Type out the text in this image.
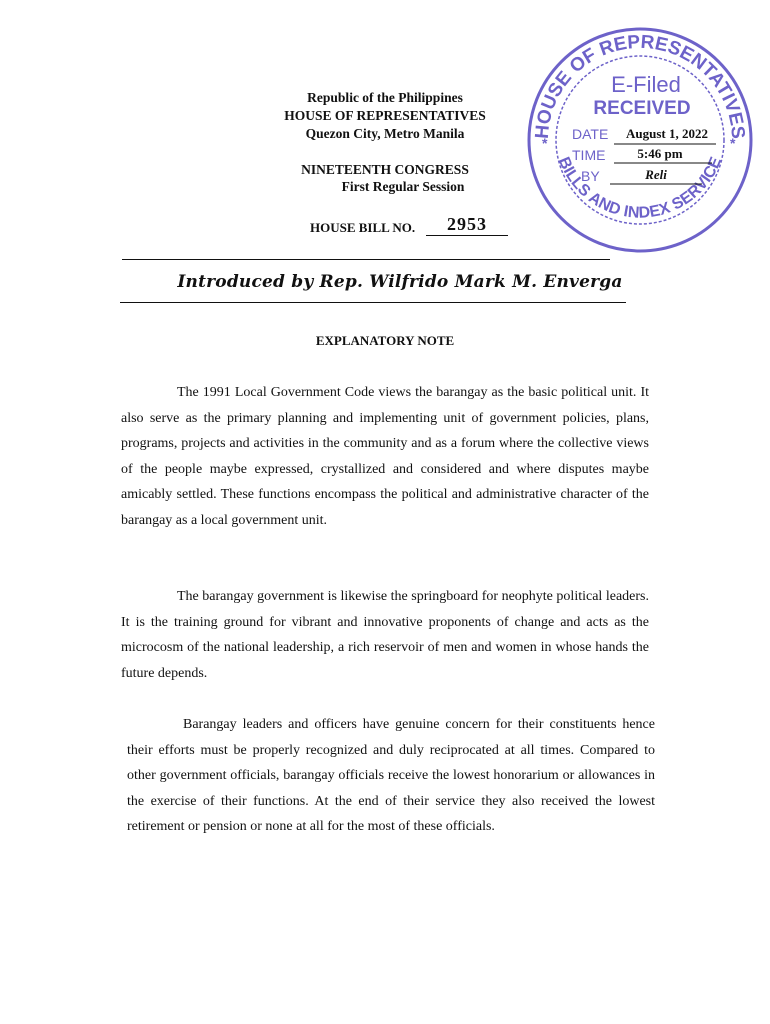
Republic of the Philippines
HOUSE OF REPRESENTATIVES
Quezon City, Metro Manila
NINETEENTH CONGRESS
First Regular Session
HOUSE BILL NO.	2953
Introduced by Rep. Wilfrido Mark M. Enverga
EXPLANATORY NOTE

The 1991 Local Government Code views the barangay as the basic political unit. It also serve as the primary planning and implementing unit of government policies, plans, programs, projects and activities in the community and as a forum where the collective views of the people maybe expressed, crystallized and considered and where disputes maybe amicably settled. These functions encompass the political and administrative character of the barangay as a local government unit.

The barangay government is likewise the springboard for neophyte political leaders. It is the training ground for vibrant and innovative proponents of change and acts as the microcosm of the national leadership, a rich reservoir of men and women in whose hands the future depends.

Barangay leaders and officers have genuine concern for their constituents hence their efforts must be properly recognized and duly reciprocated at all times. Compared to other government officials, barangay officials receive the lowest honorarium or allowances in the exercise of their functions. At the end of their service they also received the lowest retirement or pension or none at all for the most of these officials.

HOUSE OF REPRESENTATIVES
BILLS AND INDEX SERVICE
*	*
E-Filed
RECEIVED
DATE August 1, 2022
TIME 5:46 pm
BY	Reli
